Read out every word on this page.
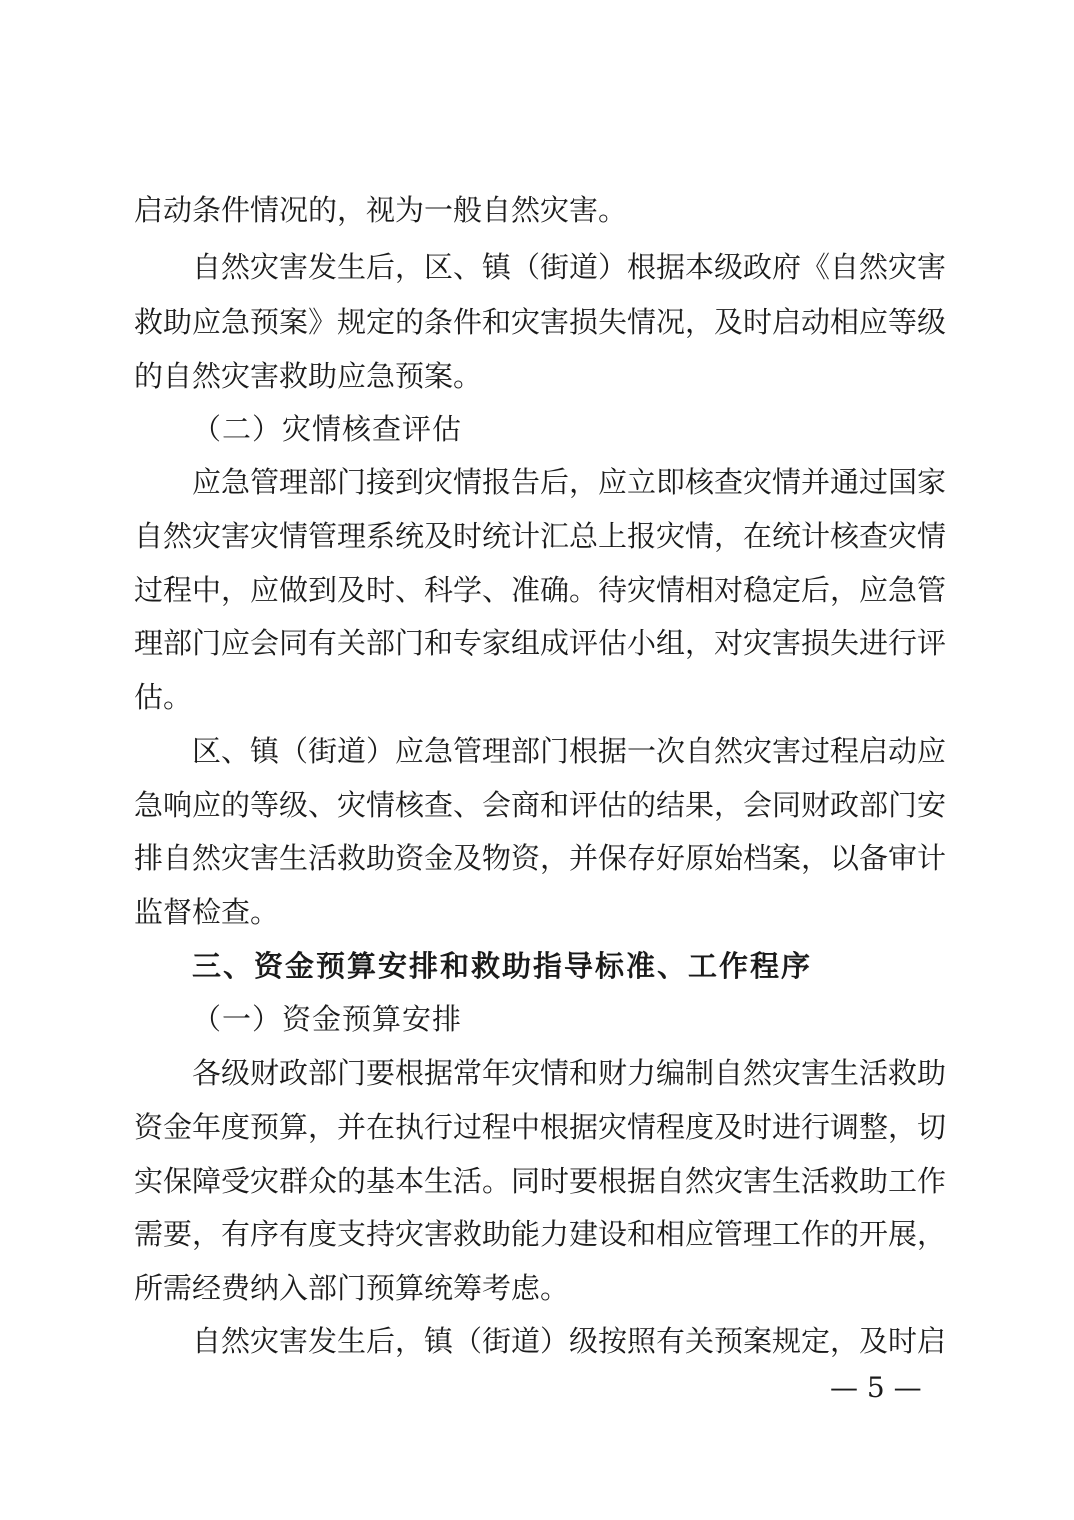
启动条件情况的，视为一般自然灾害。
自然灾害发生后，区、镇（街道）根据本级政府《自然灾害
救助应急预案》规定的条件和灾害损失情况，及时启动相应等级
的自然灾害救助应急预案。
（二）灾情核查评估
应急管理部门接到灾情报告后，应立即核查灾情并通过国家
自然灾害灾情管理系统及时统计汇总上报灾情，在统计核查灾情
过程中，应做到及时、科学、准确。待灾情相对稳定后，应急管
理部门应会同有关部门和专家组成评估小组，对灾害损失进行评
估。
区、镇（街道）应急管理部门根据一次自然灾害过程启动应
急响应的等级、灾情核查、会商和评估的结果，会同财政部门安
排自然灾害生活救助资金及物资，并保存好原始档案，以备审计
监督检查。
三、资金预算安排和救助指导标准、工作程序
（一）资金预算安排
各级财政部门要根据常年灾情和财力编制自然灾害生活救助
资金年度预算，并在执行过程中根据灾情程度及时进行调整，切
实保障受灾群众的基本生活。同时要根据自然灾害生活救助工作
需要，有序有度支持灾害救助能力建设和相应管理工作的开展，
所需经费纳入部门预算统筹考虑。
自然灾害发生后，镇（街道）级按照有关预案规定，及时启
— 5 —
